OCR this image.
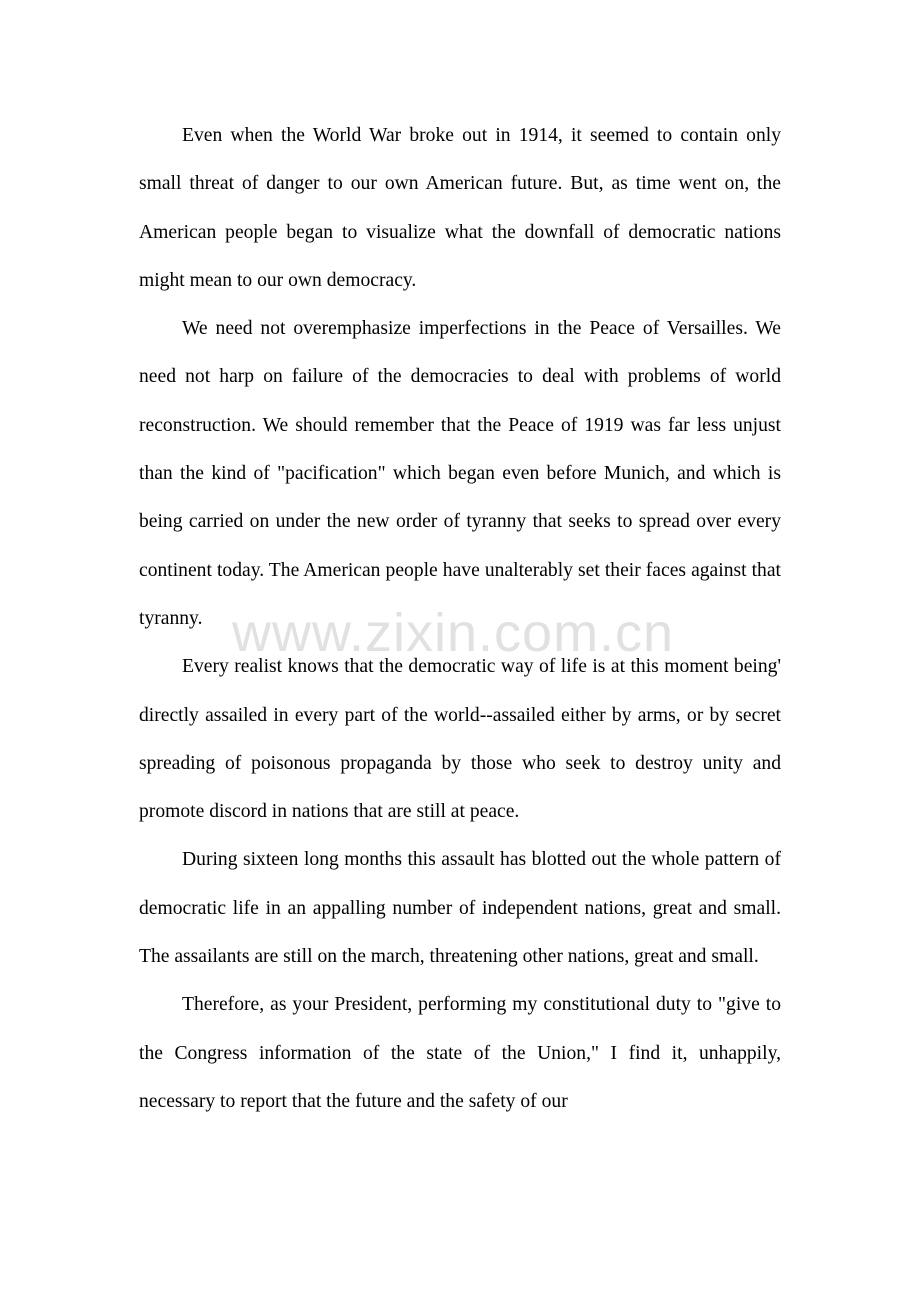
Even when the World War broke out in 1914, it seemed to contain only small threat of danger to our own American future. But, as time went on, the American people began to visualize what the downfall of democratic nations might mean to our own democracy.

We need not overemphasize imperfections in the Peace of Versailles. We need not harp on failure of the democracies to deal with problems of world reconstruction. We should remember that the Peace of 1919 was far less unjust than the kind of "pacification" which began even before Munich, and which is being carried on under the new order of tyranny that seeks to spread over every continent today. The American people have unalterably set their faces against that tyranny.

Every realist knows that the democratic way of life is at this moment being' directly assailed in every part of the world--assailed either by arms, or by secret spreading of poisonous propaganda by those who seek to destroy unity and promote discord in nations that are still at peace.

During sixteen long months this assault has blotted out the whole pattern of democratic life in an appalling number of independent nations, great and small. The assailants are still on the march, threatening other nations, great and small.

Therefore, as your President, performing my constitutional duty to "give to the Congress information of the state of the Union," I find it, unhappily, necessary to report that the future and the safety of our

www.zixin.com.cn
